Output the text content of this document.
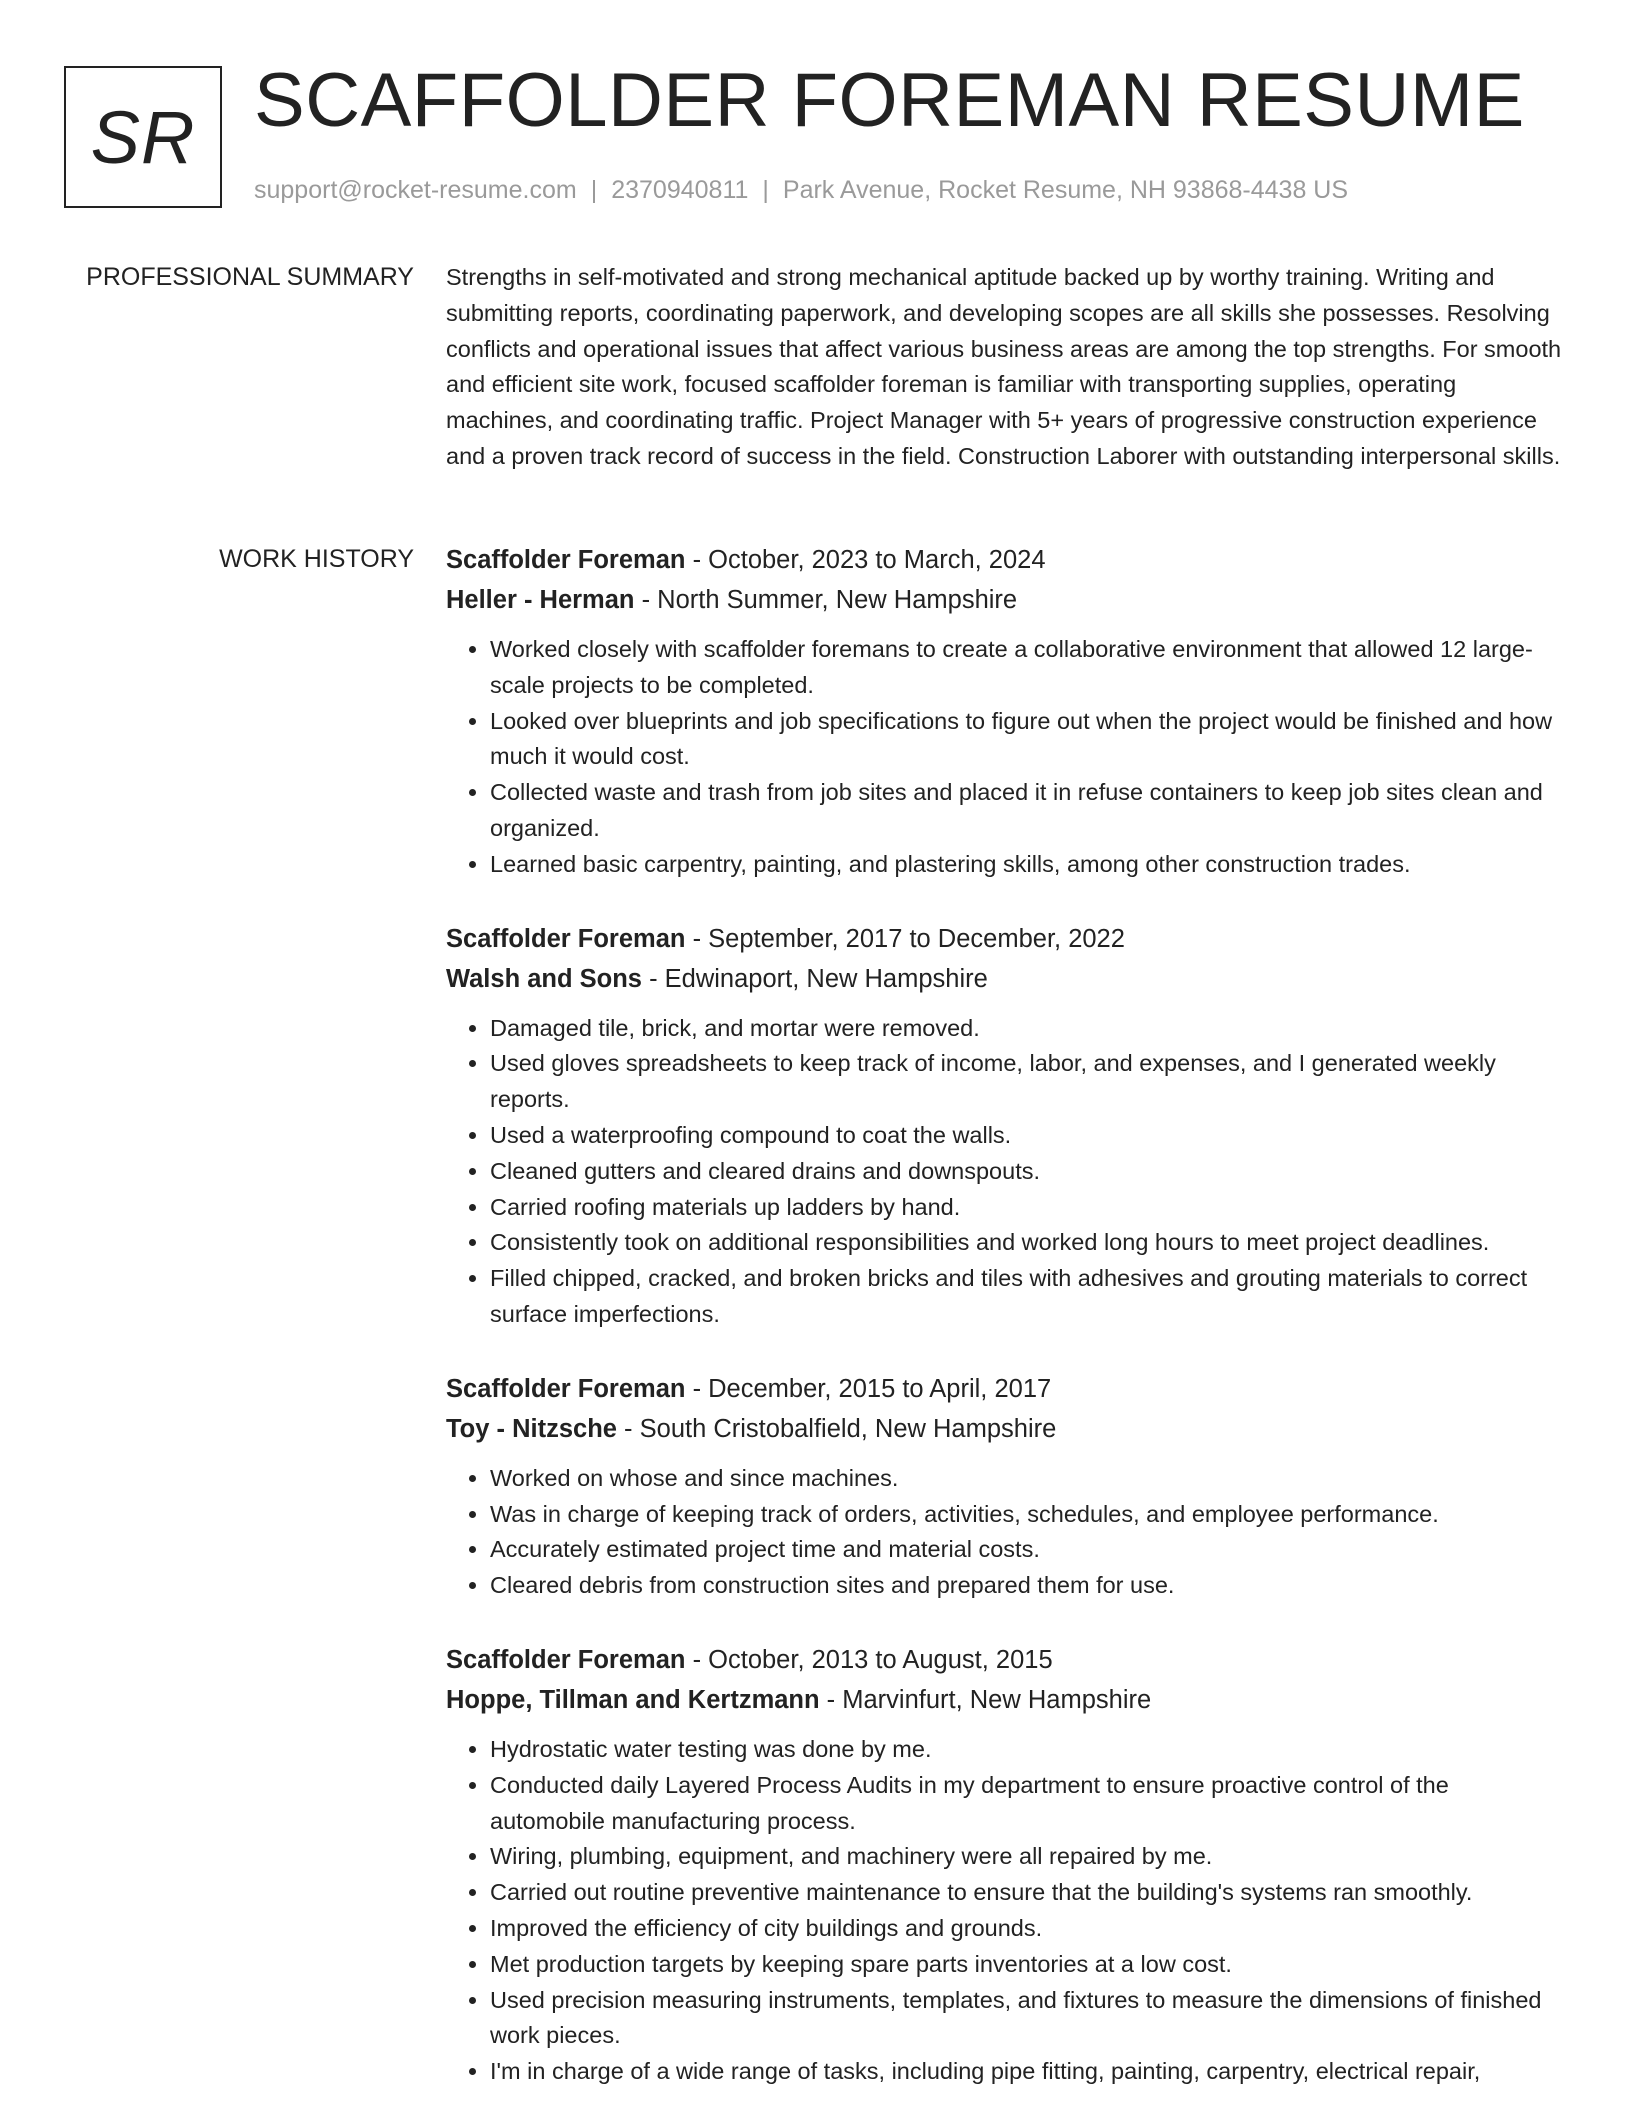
SR SCAFFOLDER FOREMAN RESUME
support@rocket-resume.com | 2370940811 | Park Avenue, Rocket Resume, NH 93868-4438 US
PROFESSIONAL SUMMARY Strengths in self-motivated and strong mechanical aptitude backed up by worthy training. Writing and submitting reports, coordinating paperwork, and developing scopes are all skills she possesses. Resolving conflicts and operational issues that affect various business areas are among the top strengths. For smooth and efficient site work, focused scaffolder foreman is familiar with transporting supplies, operating machines, and coordinating traffic. Project Manager with 5+ years of progressive construction experience and a proven track record of success in the field. Construction Laborer with outstanding interpersonal skills.

WORK HISTORY Scaffolder Foreman - October, 2023 to March, 2024
Heller - Herman - North Summer, New Hampshire
• Worked closely with scaffolder foremans to create a collaborative environment that allowed 12 large-scale projects to be completed.
• Looked over blueprints and job specifications to figure out when the project would be finished and how much it would cost.
• Collected waste and trash from job sites and placed it in refuse containers to keep job sites clean and organized.
• Learned basic carpentry, painting, and plastering skills, among other construction trades.
Scaffolder Foreman - September, 2017 to December, 2022
Walsh and Sons - Edwinaport, New Hampshire
• Damaged tile, brick, and mortar were removed.
• Used gloves spreadsheets to keep track of income, labor, and expenses, and I generated weekly reports.
• Used a waterproofing compound to coat the walls.
• Cleaned gutters and cleared drains and downspouts.
• Carried roofing materials up ladders by hand.
• Consistently took on additional responsibilities and worked long hours to meet project deadlines.
• Filled chipped, cracked, and broken bricks and tiles with adhesives and grouting materials to correct surface imperfections.
Scaffolder Foreman - December, 2015 to April, 2017
Toy - Nitzsche - South Cristobalfield, New Hampshire
• Worked on whose and since machines.
• Was in charge of keeping track of orders, activities, schedules, and employee performance.
• Accurately estimated project time and material costs.
• Cleared debris from construction sites and prepared them for use.
Scaffolder Foreman - October, 2013 to August, 2015
Hoppe, Tillman and Kertzmann - Marvinfurt, New Hampshire
• Hydrostatic water testing was done by me.
• Conducted daily Layered Process Audits in my department to ensure proactive control of the automobile manufacturing process.
• Wiring, plumbing, equipment, and machinery were all repaired by me.
• Carried out routine preventive maintenance to ensure that the building's systems ran smoothly.
• Improved the efficiency of city buildings and grounds.
• Met production targets by keeping spare parts inventories at a low cost.
• Used precision measuring instruments, templates, and fixtures to measure the dimensions of finished work pieces.
• I'm in charge of a wide range of tasks, including pipe fitting, painting, carpentry, electrical repair,
